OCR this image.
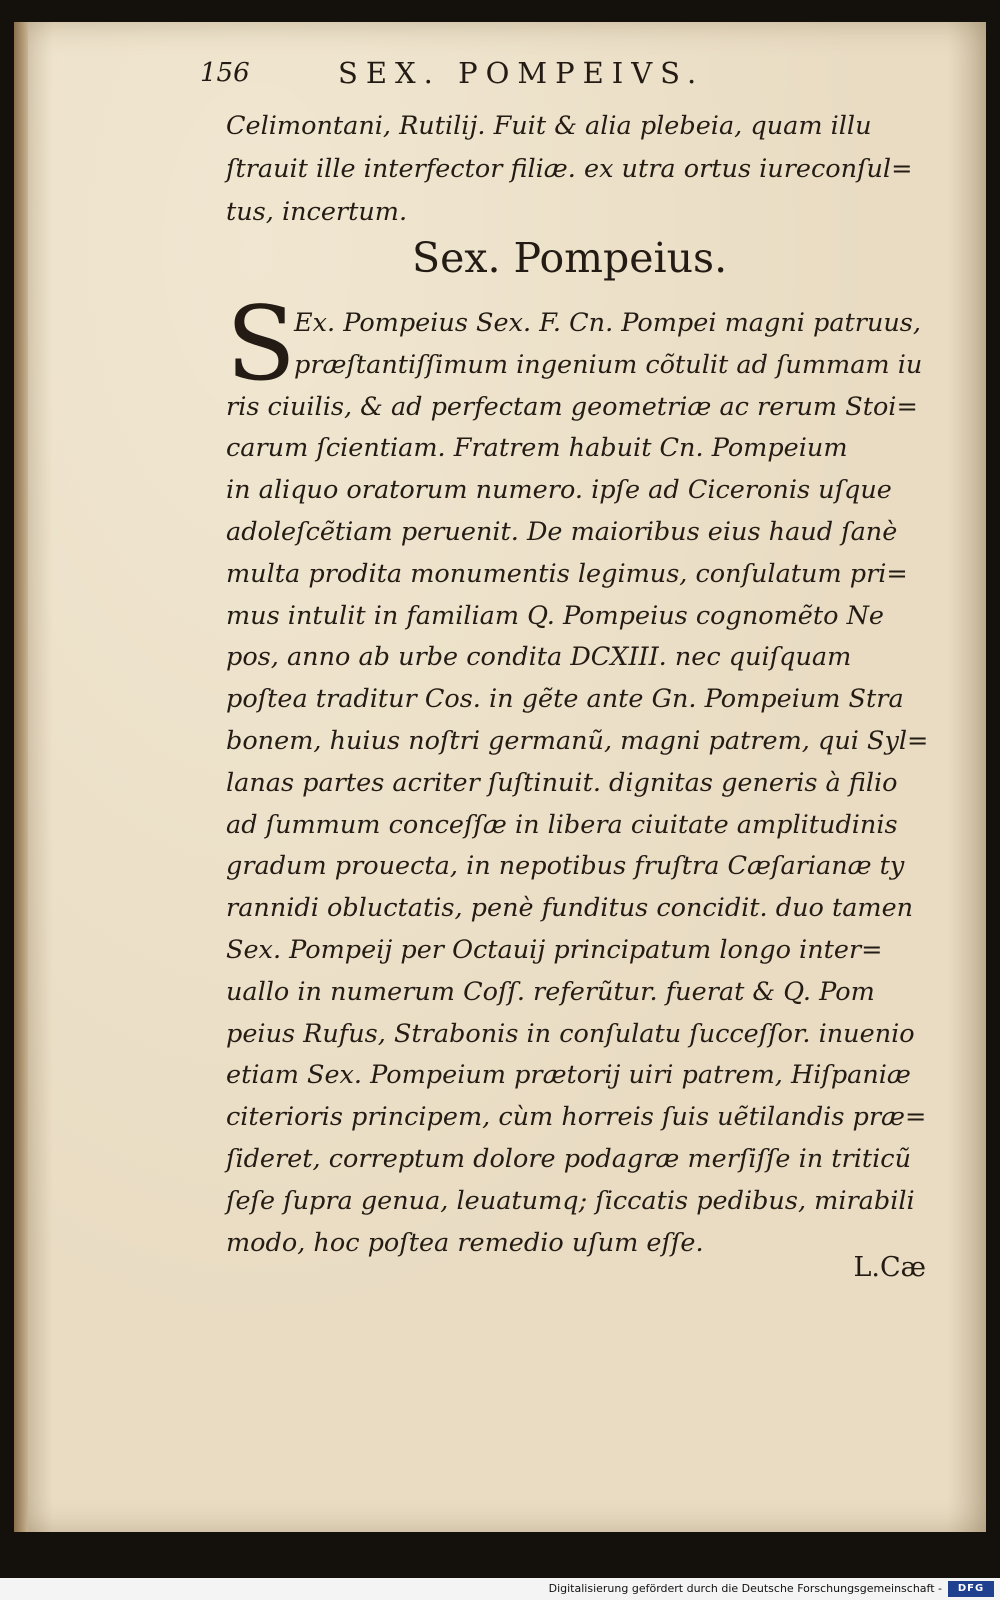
156	SEX. POMPEIVS.
Celimontani, Rutilij. Fuit & alia plebeia, quam illu
ſtrauit ille interfector filiæ. ex utra ortus iureconſul=
tus, incertum.
Sex. Pompeius.
S
Ex. Pompeius Sex. F. Cn. Pompei magni patruus,
præſtantiſſimum ingenium cõtulit ad ſummam iu
ris ciuilis, & ad perfectam geometriæ ac rerum Stoi=
carum ſcientiam. Fratrem habuit Cn. Pompeium
in aliquo oratorum numero. ipſe ad Ciceronis uſque
adoleſcẽtiam peruenit. De maioribus eius haud ſanè
multa prodita monumentis legimus, conſulatum pri=
mus intulit in familiam Q. Pompeius cognomẽto Ne
pos, anno ab urbe condita DCXIII. nec quiſquam
poſtea traditur Cos. in gẽte ante Gn. Pompeium Stra
bonem, huius noſtri germanũ, magni patrem, qui Syl=
lanas partes acriter ſuſtinuit. dignitas generis à filio
ad ſummum conceſſæ in libera ciuitate amplitudinis
gradum prouecta, in nepotibus fruſtra Cæſarianæ ty
rannidi obluctatis, penè funditus concidit. duo tamen
Sex. Pompeij per Octauij principatum longo inter=
uallo in numerum Coſſ. referũtur. fuerat & Q. Pom
peius Rufus, Strabonis in conſulatu ſucceſſor. inuenio
etiam Sex. Pompeium prætorij uiri patrem, Hiſpaniæ
citerioris principem, cùm horreis ſuis uẽtilandis præ=
ſideret, correptum dolore podagræ merſiſſe in triticũ
ſeſe ſupra genua, leuatumq; ſiccatis pedibus, mirabili
modo, hoc poſtea remedio uſum eſſe.
L.Cæ
Digitalisierung gefördert durch die Deutsche Forschungsgemeinschaft -	DFG
